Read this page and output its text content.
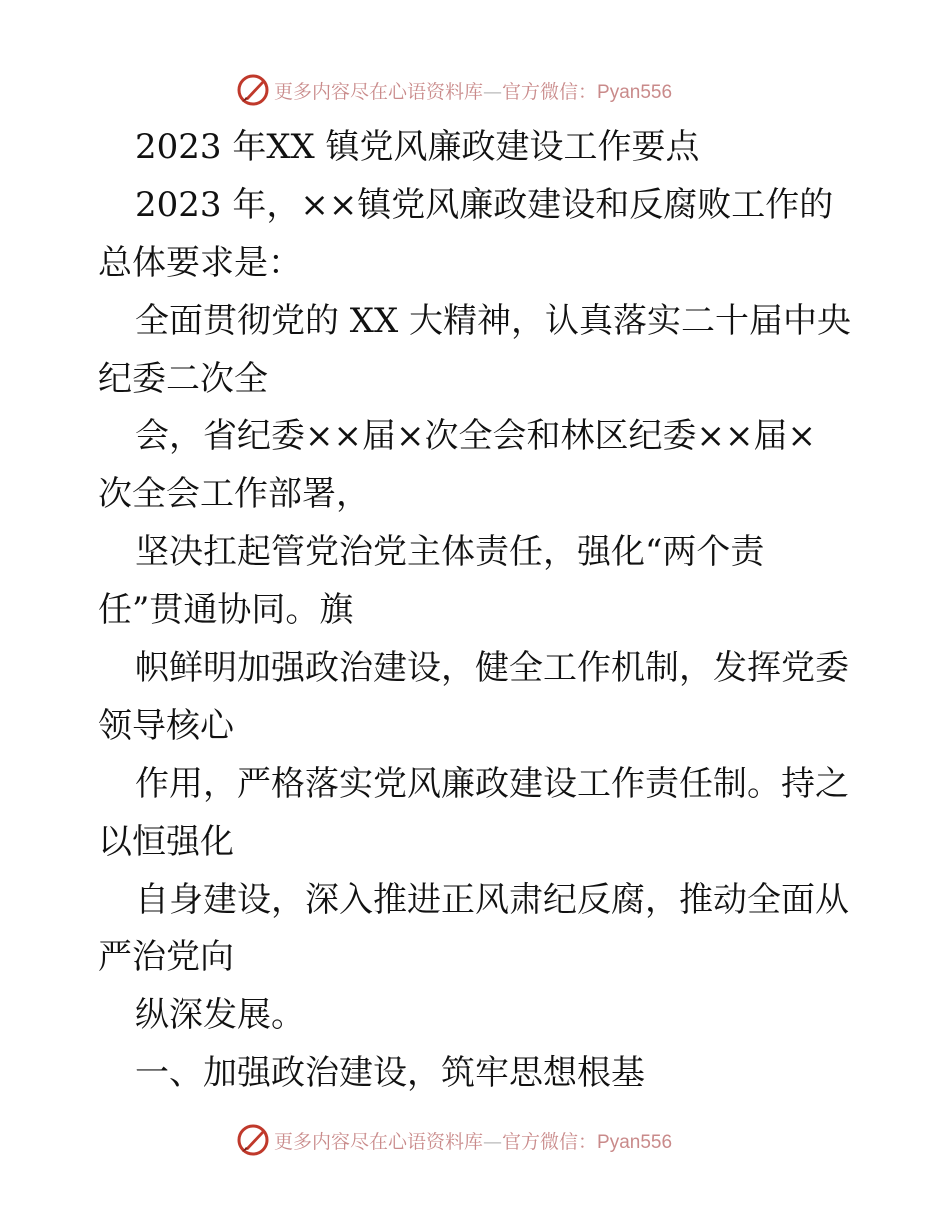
更多内容尽在心语资料库—官方微信：Pyan556
2023 年XX 镇党风廉政建设工作要点
2023 年，××镇党风廉政建设和反腐败工作的
总体要求是：
全面贯彻党的 XX 大精神，认真落实二十届中央
纪委二次全
会，省纪委××届×次全会和林区纪委××届×
次全会工作部署，
坚决扛起管党治党主体责任，强化“两个责
任”贯通协同。旗
帜鲜明加强政治建设，健全工作机制，发挥党委
领导核心
作用，严格落实党风廉政建设工作责任制。持之
以恒强化
自身建设，深入推进正风肃纪反腐，推动全面从
严治党向
纵深发展。
一、加强政治建设，筑牢思想根基
更多内容尽在心语资料库—官方微信：Pyan556
